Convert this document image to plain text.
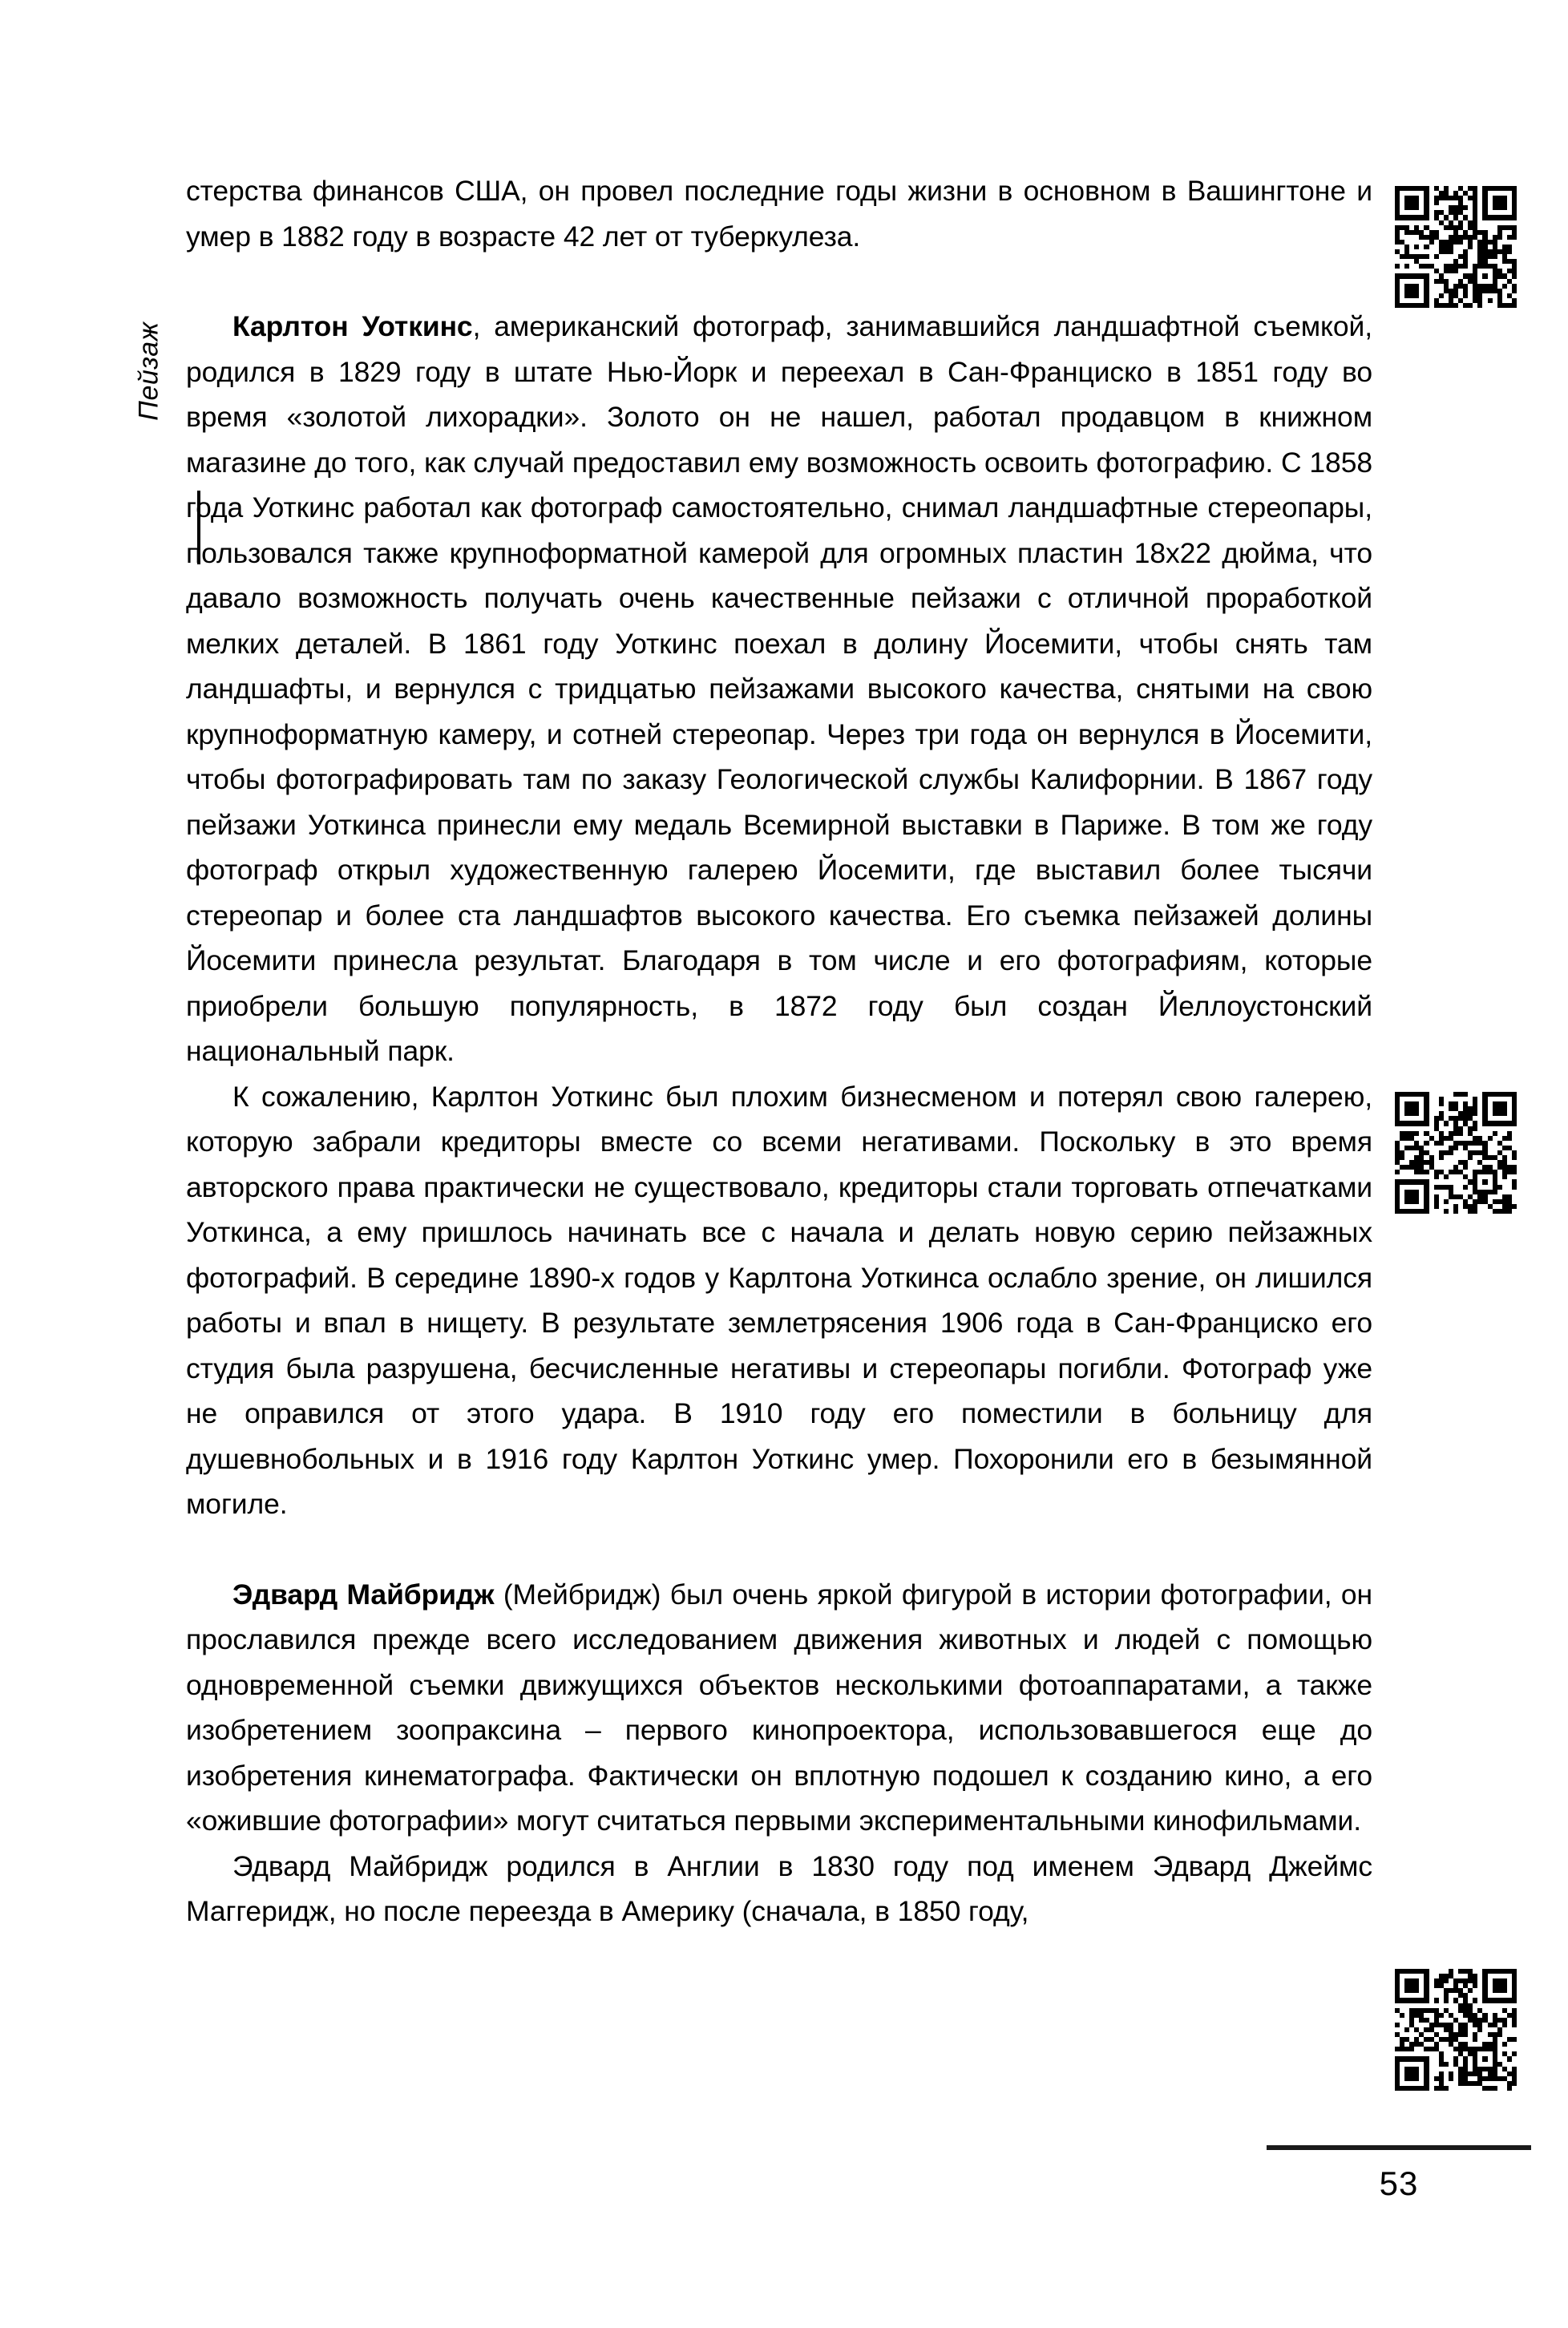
Пейзаж

стерства финансов США, он провел последние годы жизни в основном в Вашингтоне и умер в 1882 году в возрасте 42 лет от туберкулеза.

Карлтон Уоткинс, американский фотограф, занимавшийся ландшафтной съемкой, родился в 1829 году в штате Нью-Йорк и переехал в Сан-Франциско в 1851 году во время «золотой лихорадки». Золото он не нашел, работал продавцом в книжном магазине до того, как случай предоставил ему возможность освоить фотографию. С 1858 года Уоткинс работал как фотограф самостоятельно, снимал ландшафтные стереопары, пользовался также крупноформатной камерой для огромных пластин 18х22 дюйма, что давало возможность получать очень качественные пейзажи с отличной проработкой мелких деталей. В 1861 году Уоткинс поехал в долину Йосемити, чтобы снять там ландшафты, и вернулся с тридцатью пейзажами высокого качества, снятыми на свою крупноформатную камеру, и сотней стереопар. Через три года он вернулся в Йосемити, чтобы фотографировать там по заказу Геологической службы Калифорнии. В 1867 году пейзажи Уоткинса принесли ему медаль Всемирной выставки в Париже. В том же году фотограф открыл художественную галерею Йосемити, где выставил более тысячи стереопар и более ста ландшафтов высокого качества. Его съемка пейзажей долины Йосемити принесла результат. Благодаря в том числе и его фотографиям, которые приобрели большую популярность, в 1872 году был создан Йеллоустонский национальный парк.

К сожалению, Карлтон Уоткинс был плохим бизнесменом и потерял свою галерею, которую забрали кредиторы вместе со всеми негативами. Поскольку в это время авторского права практически не существовало, кредиторы стали торговать отпечатками Уоткинса, а ему пришлось начинать все с начала и делать новую серию пейзажных фотографий. В середине 1890-х годов у Карлтона Уоткинса ослабло зрение, он лишился работы и впал в нищету. В результате землетрясения 1906 года в Сан-Франциско его студия была разрушена, бесчисленные негативы и стереопары погибли. Фотограф уже не оправился от этого удара. В 1910 году его поместили в больницу для душевнобольных и в 1916 году Карлтон Уоткинс умер. Похоронили его в безымянной могиле.

Эдвард Майбридж (Мейбридж) был очень яркой фигурой в истории фотографии, он прославился прежде всего исследованием движения животных и людей с помощью одновременной съемки движущихся объектов несколькими фотоаппаратами, а также изобретением зоопраксина – первого кинопроектора, использовавшегося еще до изобретения кинематографа. Фактически он вплотную подошел к созданию кино, а его «ожившие фотографии» могут считаться первыми экспериментальными кинофильмами.

Эдвард Майбридж родился в Англии в 1830 году под именем Эдвард Джеймс Маггеридж, но после переезда в Америку (сначала, в 1850 году,

53
